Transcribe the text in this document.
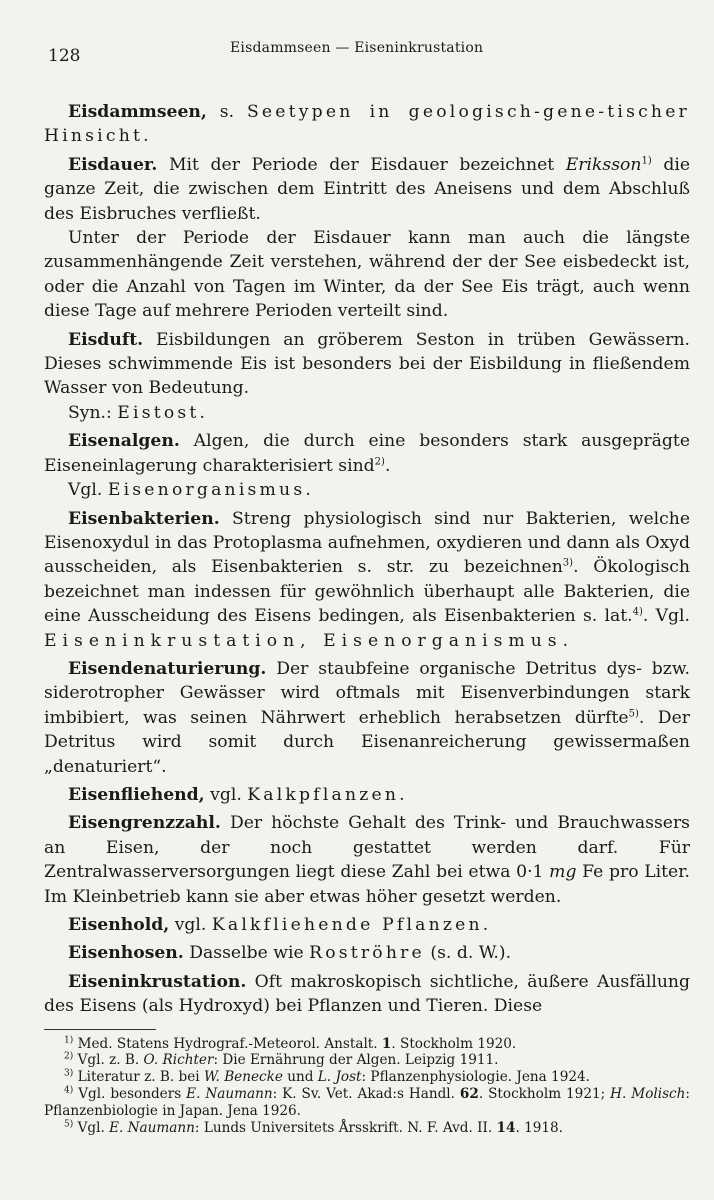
128	Eisdammseen — Eiseninkrustation

Eisdammseen, s. Seetypen in geologisch-gene-tischer Hinsicht.

Eisdauer. Mit der Periode der Eisdauer bezeichnet Eriksson$^{1)}$ die ganze Zeit, die zwischen dem Eintritt des Aneisens und dem Abschluß des Eisbruches verfließt.

Unter der Periode der Eisdauer kann man auch die längste zusammenhängende Zeit verstehen, während der der See eisbedeckt ist, oder die Anzahl von Tagen im Winter, da der See Eis trägt, auch wenn diese Tage auf mehrere Perioden verteilt sind.

Eisduft. Eisbildungen an gröberem Seston in trüben Gewässern. Dieses schwimmende Eis ist besonders bei der Eisbildung in fließendem Wasser von Bedeutung.

Syn.: Eistost.

Eisenalgen. Algen, die durch eine besonders stark ausgeprägte Eiseneinlagerung charakterisiert sind$^{2)}$.

Vgl. Eisenorganismus.

Eisenbakterien. Streng physiologisch sind nur Bakterien, welche Eisenoxydul in das Protoplasma aufnehmen, oxydieren und dann als Oxyd ausscheiden, als Eisenbakterien s. str. zu bezeichnen$^{3)}$. Ökologisch bezeichnet man indessen für gewöhnlich überhaupt alle Bakterien, die eine Ausscheidung des Eisens bedingen, als Eisenbakterien s. lat.$^{4)}$. Vgl. Eiseninkrustation, Eisenorganismus.

Eisendenaturierung. Der staubfeine organische Detritus dys- bzw. siderotropher Gewässer wird oftmals mit Eisenverbindungen stark imbibiert, was seinen Nährwert erheblich herabsetzen dürfte$^{5)}$. Der Detritus wird somit durch Eisenanreicherung gewissermaßen „denaturiert“.

Eisenfliehend, vgl. Kalkpflanzen.

Eisengrenzzahl. Der höchste Gehalt des Trink- und Brauchwassers an Eisen, der noch gestattet werden darf. Für Zentralwasserversorgungen liegt diese Zahl bei etwa 0·1 mg Fe pro Liter. Im Kleinbetrieb kann sie aber etwas höher gesetzt werden.

Eisenhold, vgl. Kalkfliehende Pflanzen.

Eisenhosen. Dasselbe wie Roströhre (s. d. W.).

Eiseninkrustation. Oft makroskopisch sichtliche, äußere Ausfällung des Eisens (als Hydroxyd) bei Pflanzen und Tieren. Diese

$^{1)}$ Med. Statens Hydrograf.-Meteorol. Anstalt. 1. Stockholm 1920.

$^{2)}$ Vgl. z. B. O. Richter: Die Ernährung der Algen. Leipzig 1911.

$^{3)}$ Literatur z. B. bei W. Benecke und L. Jost: Pflanzenphysiologie. Jena 1924.

$^{4)}$ Vgl. besonders E. Naumann: K. Sv. Vet. Akad:s Handl. 62. Stockholm 1921; H. Molisch: Pflanzenbiologie in Japan. Jena 1926.

$^{5)}$ Vgl. E. Naumann: Lunds Universitets Årsskrift. N. F. Avd. II. 14. 1918.
